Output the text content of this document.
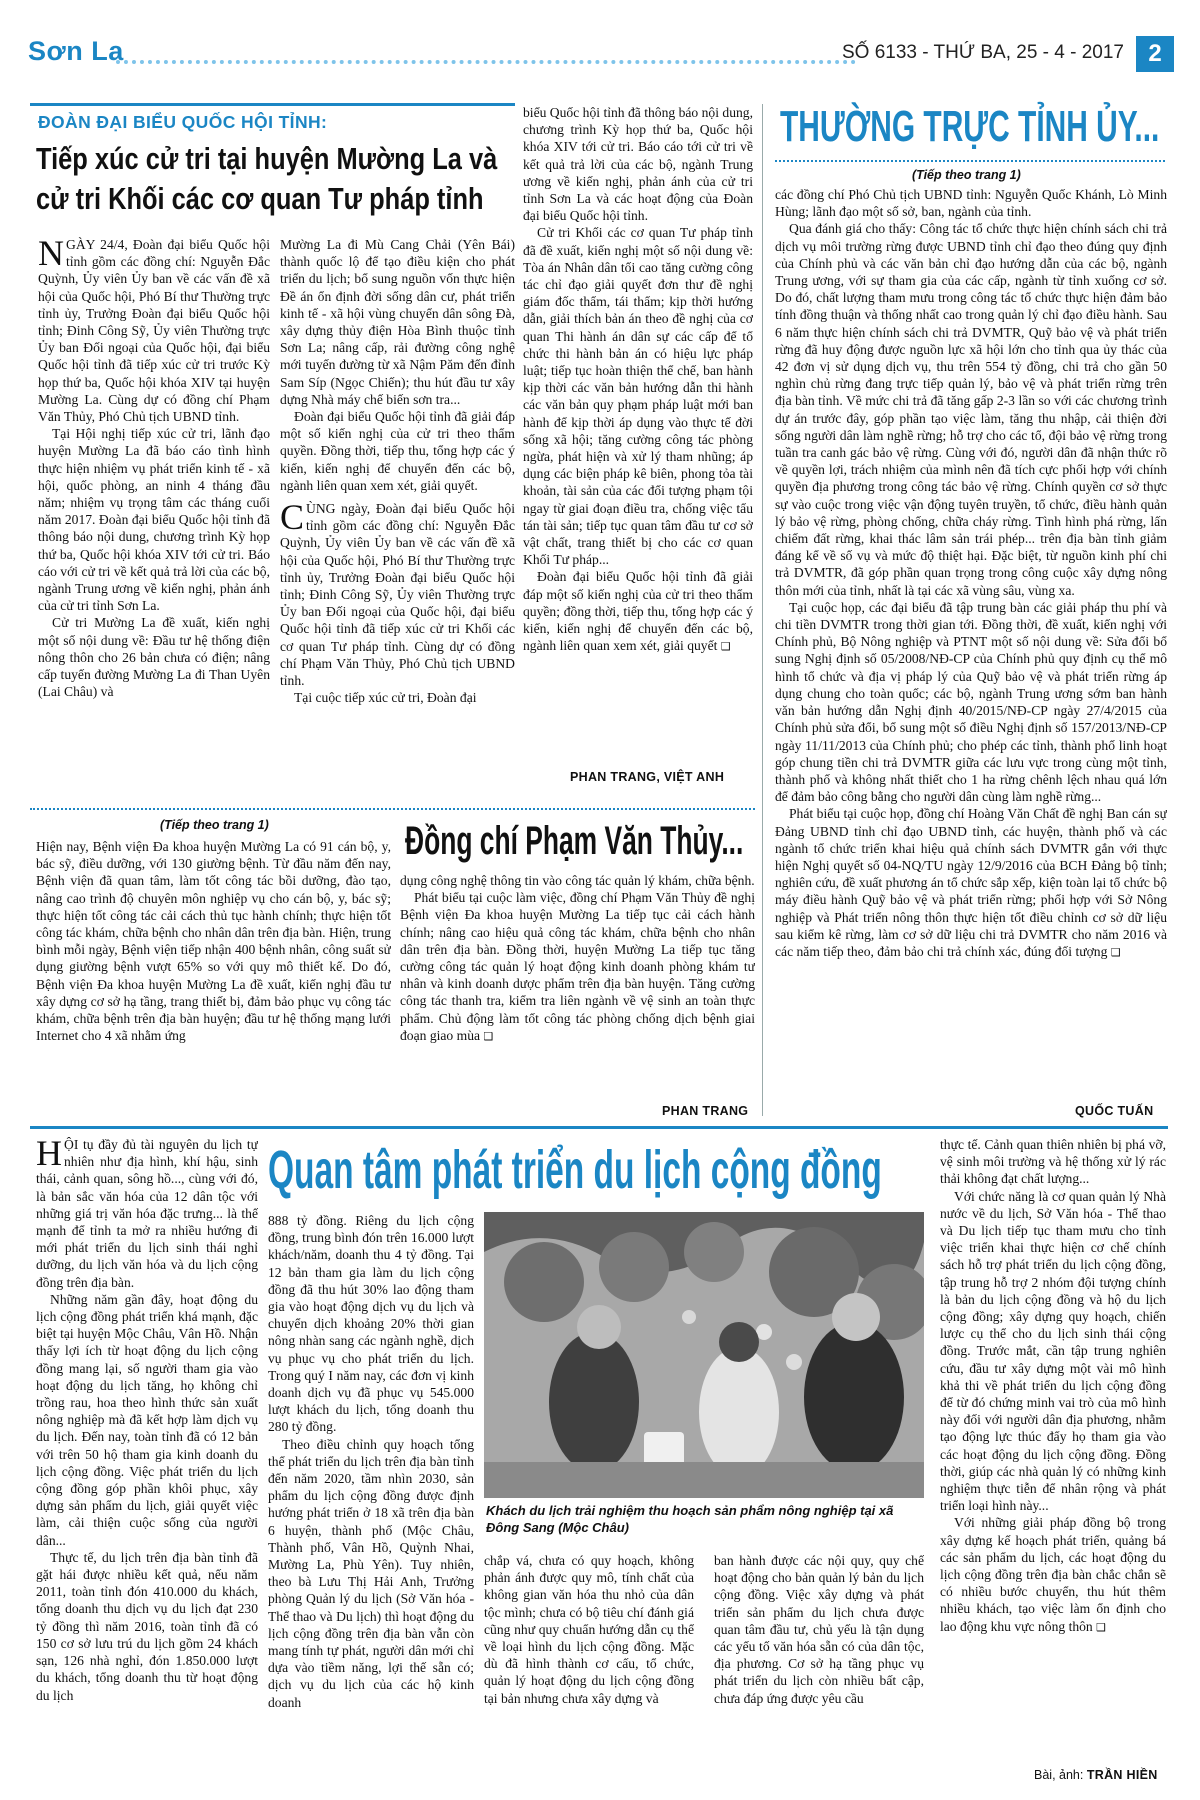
Sơn La	SỐ 6133 - THỨ BA, 25 - 4 - 2017	2
ĐOÀN ĐẠI BIỂU QUỐC HỘI TỈNH:
Tiếp xúc cử tri tại huyện Mường La và
cử tri Khối các cơ quan Tư pháp tỉnh

NGÀY 24/4, Đoàn đại biểu Quốc hội tỉnh gồm các đồng chí: Nguyễn Đắc Quỳnh, Ủy viên Ủy ban về các vấn đề xã hội của Quốc hội, Phó Bí thư Thường trực tỉnh ủy, Trưởng Đoàn đại biểu Quốc hội tỉnh; Đinh Công Sỹ, Ủy viên Thường trực Ủy ban Đối ngoại của Quốc hội, đại biểu Quốc hội tỉnh đã tiếp xúc cử tri trước Kỳ họp thứ ba, Quốc hội khóa XIV tại huyện Mường La. Cùng dự có đồng chí Phạm Văn Thủy, Phó Chủ tịch UBND tỉnh.

Tại Hội nghị tiếp xúc cử tri, lãnh đạo huyện Mường La đã báo cáo tình hình thực hiện nhiệm vụ phát triển kinh tế - xã hội, quốc phòng, an ninh 4 tháng đầu năm; nhiệm vụ trọng tâm các tháng cuối năm 2017. Đoàn đại biểu Quốc hội tỉnh đã thông báo nội dung, chương trình Kỳ họp thứ ba, Quốc hội khóa XIV tới cử tri. Báo cáo với cử tri về kết quả trả lời của các bộ, ngành Trung ương về kiến nghị, phản ánh của cử tri tỉnh Sơn La.

Cử tri Mường La đề xuất, kiến nghị một số nội dung về: Đầu tư hệ thống điện nông thôn cho 26 bản chưa có điện; nâng cấp tuyến đường Mường La đi Than Uyên (Lai Châu) và

Mường La đi Mù Cang Chải (Yên Bái) thành quốc lộ để tạo điều kiện cho phát triển du lịch; bổ sung nguồn vốn thực hiện Đề án ổn định đời sống dân cư, phát triển kinh tế - xã hội vùng chuyển dân sông Đà, xây dựng thủy điện Hòa Bình thuộc tỉnh Sơn La; nâng cấp, rải đường công nghệ mới tuyến đường từ xã Nậm Păm đến đỉnh Sam Síp (Ngọc Chiến); thu hút đầu tư xây dựng Nhà máy chế biến sơn tra...

Đoàn đại biểu Quốc hội tỉnh đã giải đáp một số kiến nghị của cử tri theo thẩm quyền. Đồng thời, tiếp thu, tổng hợp các ý kiến, kiến nghị để chuyển đến các bộ, ngành liên quan xem xét, giải quyết.

CÙNG ngày, Đoàn đại biểu Quốc hội tỉnh gồm các đồng chí: Nguyễn Đắc Quỳnh, Ủy viên Ủy ban về các vấn đề xã hội của Quốc hội, Phó Bí thư Thường trực tỉnh ủy, Trưởng Đoàn đại biểu Quốc hội tỉnh; Đinh Công Sỹ, Ủy viên Thường trực Ủy ban Đối ngoại của Quốc hội, đại biểu Quốc hội tỉnh đã tiếp xúc cử tri Khối các cơ quan Tư pháp tỉnh. Cùng dự có đồng chí Phạm Văn Thủy, Phó Chủ tịch UBND tỉnh.

Tại cuộc tiếp xúc cử tri, Đoàn đại

biểu Quốc hội tỉnh đã thông báo nội dung, chương trình Kỳ họp thứ ba, Quốc hội khóa XIV tới cử tri. Báo cáo tới cử tri về kết quả trả lời của các bộ, ngành Trung ương về kiến nghị, phản ánh của cử tri tỉnh Sơn La và các hoạt động của Đoàn đại biểu Quốc hội tỉnh.

Cử tri Khối các cơ quan Tư pháp tỉnh đã đề xuất, kiến nghị một số nội dung về: Tòa án Nhân dân tối cao tăng cường công tác chỉ đạo giải quyết đơn thư đề nghị giám đốc thẩm, tái thẩm; kịp thời hướng dẫn, giải thích bản án theo đề nghị của cơ quan Thi hành án dân sự các cấp để tổ chức thi hành bản án có hiệu lực pháp luật; tiếp tục hoàn thiện thể chế, ban hành kịp thời các văn bản hướng dẫn thi hành các văn bản quy phạm pháp luật mới ban hành để kịp thời áp dụng vào thực tế đời sống xã hội; tăng cường công tác phòng ngừa, phát hiện và xử lý tham nhũng; áp dụng các biện pháp kê biên, phong tỏa tài khoản, tài sản của các đối tượng phạm tội ngay từ giai đoạn điều tra, chống việc tẩu tán tài sản; tiếp tục quan tâm đầu tư cơ sở vật chất, trang thiết bị cho các cơ quan Khối Tư pháp...

Đoàn đại biểu Quốc hội tỉnh đã giải đáp một số kiến nghị của cử tri theo thẩm quyền; đồng thời, tiếp thu, tổng hợp các ý kiến, kiến nghị để chuyển đến các bộ, ngành liên quan xem xét, giải quyết ❑

PHAN TRANG, VIỆT ANH
THƯỜNG TRỰC TỈNH ỦY...
(Tiếp theo trang 1)

các đồng chí Phó Chủ tịch UBND tỉnh: Nguyễn Quốc Khánh, Lò Minh Hùng; lãnh đạo một số sở, ban, ngành của tỉnh.

Qua đánh giá cho thấy: Công tác tổ chức thực hiện chính sách chi trả dịch vụ môi trường rừng được UBND tỉnh chỉ đạo theo đúng quy định của Chính phủ và các văn bản chỉ đạo hướng dẫn của các bộ, ngành Trung ương, với sự tham gia của các cấp, ngành từ tỉnh xuống cơ sở. Do đó, chất lượng tham mưu trong công tác tổ chức thực hiện đảm bảo tính đồng thuận và thống nhất cao trong quản lý chỉ đạo điều hành. Sau 6 năm thực hiện chính sách chi trả DVMTR, Quỹ bảo vệ và phát triển rừng đã huy động được nguồn lực xã hội lớn cho tỉnh qua ủy thác của 42 đơn vị sử dụng dịch vụ, thu trên 554 tỷ đồng, chi trả cho gần 50 nghìn chủ rừng đang trực tiếp quản lý, bảo vệ và phát triển rừng trên địa bàn tỉnh. Về mức chi trả đã tăng gấp 2-3 lần so với các chương trình dự án trước đây, góp phần tạo việc làm, tăng thu nhập, cải thiện đời sống người dân làm nghề rừng; hỗ trợ cho các tổ, đội bảo vệ rừng trong tuần tra canh gác bảo vệ rừng. Cùng với đó, người dân đã nhận thức rõ về quyền lợi, trách nhiệm của mình nên đã tích cực phối hợp với chính quyền địa phương trong công tác bảo vệ rừng. Chính quyền cơ sở thực sự vào cuộc trong việc vận động tuyên truyền, tổ chức, điều hành quản lý bảo vệ rừng, phòng chống, chữa cháy rừng. Tình hình phá rừng, lấn chiếm đất rừng, khai thác lâm sản trái phép... trên địa bàn tỉnh giảm đáng kể về số vụ và mức độ thiệt hại. Đặc biệt, từ nguồn kinh phí chi trả DVMTR, đã góp phần quan trọng trong công cuộc xây dựng nông thôn mới của tỉnh, nhất là tại các xã vùng sâu, vùng xa.

Tại cuộc họp, các đại biểu đã tập trung bàn các giải pháp thu phí và chi tiền DVMTR trong thời gian tới. Đồng thời, đề xuất, kiến nghị với Chính phủ, Bộ Nông nghiệp và PTNT một số nội dung về: Sửa đổi bổ sung Nghị định số 05/2008/NĐ-CP của Chính phủ quy định cụ thể mô hình tổ chức và địa vị pháp lý của Quỹ bảo vệ và phát triển rừng áp dụng chung cho toàn quốc; các bộ, ngành Trung ương sớm ban hành văn bản hướng dẫn Nghị định 40/2015/NĐ-CP ngày 27/4/2015 của Chính phủ sửa đổi, bổ sung một số điều Nghị định số 157/2013/NĐ-CP ngày 11/11/2013 của Chính phủ; cho phép các tỉnh, thành phố linh hoạt góp chung tiền chi trả DVMTR giữa các lưu vực trong cùng một tỉnh, thành phố và không nhất thiết cho 1 ha rừng chênh lệch nhau quá lớn để đảm bảo công bằng cho người dân cùng làm nghề rừng...

Phát biểu tại cuộc họp, đồng chí Hoàng Văn Chất đề nghị Ban cán sự Đảng UBND tỉnh chỉ đạo UBND tỉnh, các huyện, thành phố và các ngành tổ chức triển khai hiệu quả chính sách DVMTR gắn với thực hiện Nghị quyết số 04-NQ/TU ngày 12/9/2016 của BCH Đảng bộ tỉnh; nghiên cứu, đề xuất phương án tổ chức sắp xếp, kiện toàn lại tổ chức bộ máy điều hành Quỹ bảo vệ và phát triển rừng; phối hợp với Sở Nông nghiệp và Phát triển nông thôn thực hiện tốt điều chỉnh cơ sở dữ liệu sau kiểm kê rừng, làm cơ sở dữ liệu chi trả DVMTR cho năm 2016 và các năm tiếp theo, đảm bảo chi trả chính xác, đúng đối tượng ❑

QUỐC TUẤN
(Tiếp theo trang 1)	Đồng chí Phạm Văn Thủy...

Hiện nay, Bệnh viện Đa khoa huyện Mường La có 91 cán bộ, y, bác sỹ, điều dưỡng, với 130 giường bệnh. Từ đầu năm đến nay, Bệnh viện đã quan tâm, làm tốt công tác bồi dưỡng, đào tạo, nâng cao trình độ chuyên môn nghiệp vụ cho cán bộ, y, bác sỹ; thực hiện tốt công tác cải cách thủ tục hành chính; thực hiện tốt công tác khám, chữa bệnh cho nhân dân trên địa bàn. Hiện, trung bình mỗi ngày, Bệnh viện tiếp nhận 400 bệnh nhân, công suất sử dụng giường bệnh vượt 65% so với quy mô thiết kế. Do đó, Bệnh viện Đa khoa huyện Mường La đề xuất, kiến nghị đầu tư xây dựng cơ sở hạ tầng, trang thiết bị, đảm bảo phục vụ công tác khám, chữa bệnh trên địa bàn huyện; đầu tư hệ thống mạng lưới Internet cho 4 xã nhằm ứng

dụng công nghệ thông tin vào công tác quản lý khám, chữa bệnh.

Phát biểu tại cuộc làm việc, đồng chí Phạm Văn Thủy đề nghị Bệnh viện Đa khoa huyện Mường La tiếp tục cải cách hành chính; nâng cao hiệu quả công tác khám, chữa bệnh cho nhân dân trên địa bàn. Đồng thời, huyện Mường La tiếp tục tăng cường công tác quản lý hoạt động kinh doanh phòng khám tư nhân và kinh doanh dược phẩm trên địa bàn huyện. Tăng cường công tác thanh tra, kiểm tra liên ngành về vệ sinh an toàn thực phẩm. Chủ động làm tốt công tác phòng chống dịch bệnh giai đoạn giao mùa ❑

PHAN TRANG

HỘI tụ đầy đủ tài nguyên du lịch tự nhiên như địa hình, khí hậu, sinh thái, cảnh quan, sông hồ..., cùng với đó, là bản sắc văn hóa của 12 dân tộc với những giá trị văn hóa đặc trưng... là thế mạnh để tỉnh ta mở ra nhiều hướng đi mới phát triển du lịch sinh thái nghỉ dưỡng, du lịch văn hóa và du lịch cộng đồng trên địa bàn.

Những năm gần đây, hoạt động du lịch cộng đồng phát triển khá mạnh, đặc biệt tại huyện Mộc Châu, Vân Hồ. Nhận thấy lợi ích từ hoạt động du lịch cộng đồng mang lại, số người tham gia vào hoạt động du lịch tăng, họ không chỉ trồng rau, hoa theo hình thức sản xuất nông nghiệp mà đã kết hợp làm dịch vụ du lịch. Đến nay, toàn tỉnh đã có 12 bản với trên 50 hộ tham gia kinh doanh du lịch cộng đồng. Việc phát triển du lịch cộng đồng góp phần khôi phục, xây dựng sản phẩm du lịch, giải quyết việc làm, cải thiện cuộc sống của người dân...

Thực tế, du lịch trên địa bàn tỉnh đã gặt hái được nhiều kết quả, nếu năm 2011, toàn tỉnh đón 410.000 du khách, tổng doanh thu dịch vụ du lịch đạt 230 tỷ đồng thì năm 2016, toàn tỉnh đã có 150 cơ sở lưu trú du lịch gồm 24 khách sạn, 126 nhà nghỉ, đón 1.850.000 lượt du khách, tổng doanh thu từ hoạt động du lịch

Quan tâm phát triển du lịch cộng đồng

888 tỷ đồng. Riêng du lịch cộng đồng, trung bình đón trên 16.000 lượt khách/năm, doanh thu 4 tỷ đồng. Tại 12 bản tham gia làm du lịch cộng đồng đã thu hút 30% lao động tham gia vào hoạt động dịch vụ du lịch và chuyển dịch khoảng 20% thời gian nông nhàn sang các ngành nghề, dịch vụ phục vụ cho phát triển du lịch. Trong quý I năm nay, các đơn vị kinh doanh dịch vụ đã phục vụ 545.000 lượt khách du lịch, tổng doanh thu 280 tỷ đồng.

Theo điều chỉnh quy hoạch tổng thể phát triển du lịch trên địa bàn tỉnh đến năm 2020, tầm nhìn 2030, sản phẩm du lịch cộng đồng được định hướng phát triển ở 18 xã trên địa bàn 6 huyện, thành phố (Mộc Châu, Thành phố, Vân Hồ, Quỳnh Nhai, Mường La, Phù Yên). Tuy nhiên, theo bà Lưu Thị Hải Anh, Trưởng phòng Quản lý du lịch (Sở Văn hóa - Thể thao và Du lịch) thì hoạt động du lịch cộng đồng trên địa bàn vẫn còn mang tính tự phát, người dân mới chỉ dựa vào tiềm năng, lợi thế sẵn có; dịch vụ du lịch của các hộ kinh doanh

Khách du lịch trải nghiệm thu hoạch sản phẩm nông nghiệp tại xã
Đông Sang (Mộc Châu)

chắp vá, chưa có quy hoạch, không phản ánh được quy mô, tính chất của không gian văn hóa thu nhỏ của dân tộc mình; chưa có bộ tiêu chí đánh giá cũng như quy chuẩn hướng dẫn cụ thể về loại hình du lịch cộng đồng. Mặc dù đã hình thành cơ cấu, tổ chức, quản lý hoạt động du lịch cộng đồng tại bản nhưng chưa xây dựng và

ban hành được các nội quy, quy chế hoạt động cho bản quản lý bản du lịch cộng đồng. Việc xây dựng và phát triển sản phẩm du lịch chưa được quan tâm đầu tư, chủ yếu là tận dụng các yếu tố văn hóa sẵn có của dân tộc, địa phương. Cơ sở hạ tầng phục vụ phát triển du lịch còn nhiều bất cập, chưa đáp ứng được yêu cầu

thực tế. Cảnh quan thiên nhiên bị phá vỡ, vệ sinh môi trường và hệ thống xử lý rác thải không đạt chất lượng...

Với chức năng là cơ quan quản lý Nhà nước về du lịch, Sở Văn hóa - Thể thao và Du lịch tiếp tục tham mưu cho tỉnh việc triển khai thực hiện cơ chế chính sách hỗ trợ phát triển du lịch cộng đồng, tập trung hỗ trợ 2 nhóm đội tượng chính là bản du lịch cộng đồng và hộ du lịch cộng đồng; xây dựng quy hoạch, chiến lược cụ thể cho du lịch sinh thái cộng đồng. Trước mắt, cần tập trung nghiên cứu, đầu tư xây dựng một vài mô hình khả thi về phát triển du lịch cộng đồng để từ đó chứng minh vai trò của mô hình này đối với người dân địa phương, nhằm tạo động lực thúc đẩy họ tham gia vào các hoạt động du lịch cộng đồng. Đồng thời, giúp các nhà quản lý có những kinh nghiệm thực tiễn để nhân rộng và phát triển loại hình này...

Với những giải pháp đồng bộ trong xây dựng kế hoạch phát triển, quảng bá các sản phẩm du lịch, các hoạt động du lịch cộng đồng trên địa bàn chắc chắn sẽ có nhiều bước chuyển, thu hút thêm nhiều khách, tạo việc làm ổn định cho lao động khu vực nông thôn ❑

Bài, ảnh: TRẦN HIỀN
